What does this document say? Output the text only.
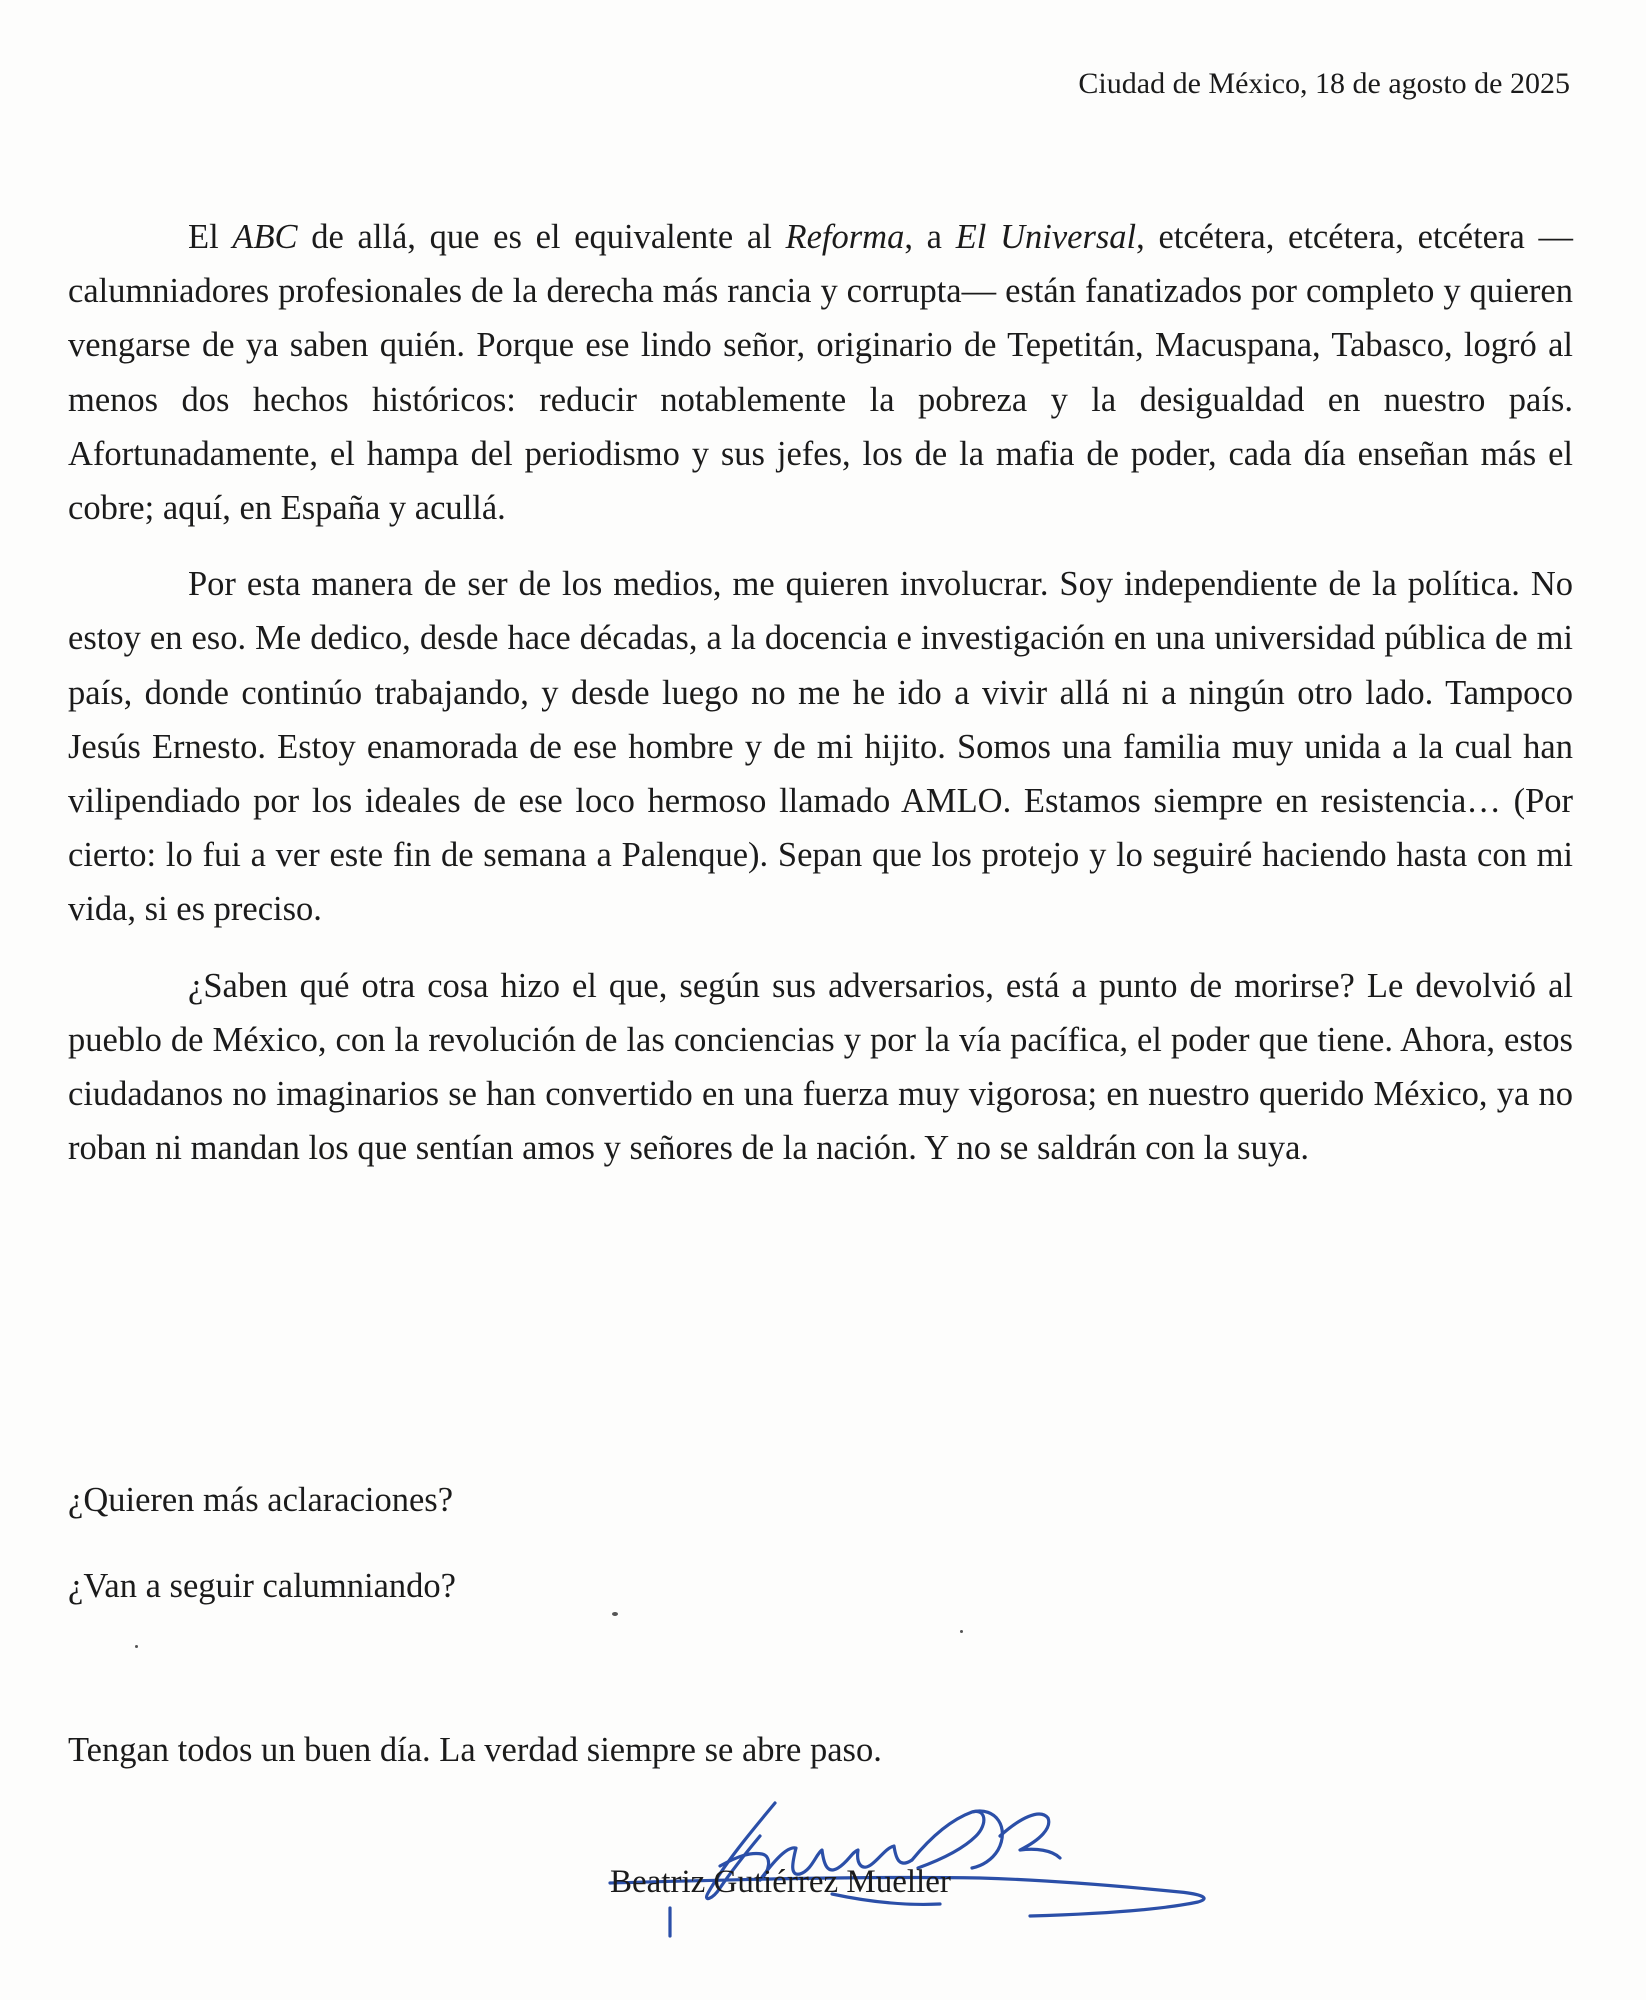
Ciudad de México, 18 de agosto de 2025

El ABC de allá, que es el equivalente al Reforma, a El Universal, etcétera, etcétera, etcétera —calumniadores profesionales de la derecha más rancia y corrupta— están fanatizados por completo y quieren vengarse de ya saben quién. Porque ese lindo señor, originario de Tepetitán, Macuspana, Tabasco, logró al menos dos hechos históricos: reducir notablemente la pobreza y la desigualdad en nuestro país. Afortunadamente, el hampa del periodismo y sus jefes, los de la mafia de poder, cada día enseñan más el cobre; aquí, en España y acullá.

Por esta manera de ser de los medios, me quieren involucrar. Soy independiente de la política. No estoy en eso. Me dedico, desde hace décadas, a la docencia e investigación en una universidad pública de mi país, donde continúo trabajando, y desde luego no me he ido a vivir allá ni a ningún otro lado. Tampoco Jesús Ernesto. Estoy enamorada de ese hombre y de mi hijito. Somos una familia muy unida a la cual han vilipendiado por los ideales de ese loco hermoso llamado AMLO. Estamos siempre en resistencia… (Por cierto: lo fui a ver este fin de semana a Palenque). Sepan que los protejo y lo seguiré haciendo hasta con mi vida, si es preciso.

¿Saben qué otra cosa hizo el que, según sus adversarios, está a punto de morirse? Le devolvió al pueblo de México, con la revolución de las conciencias y por la vía pacífica, el poder que tiene. Ahora, estos ciudadanos no imaginarios se han convertido en una fuerza muy vigorosa; en nuestro querido México, ya no roban ni mandan los que sentían amos y señores de la nación. Y no se saldrán con la suya.

¿Quieren más aclaraciones?
¿Van a seguir calumniando?
Tengan todos un buen día. La verdad siempre se abre paso.
Beatriz Gutiérrez Mueller
